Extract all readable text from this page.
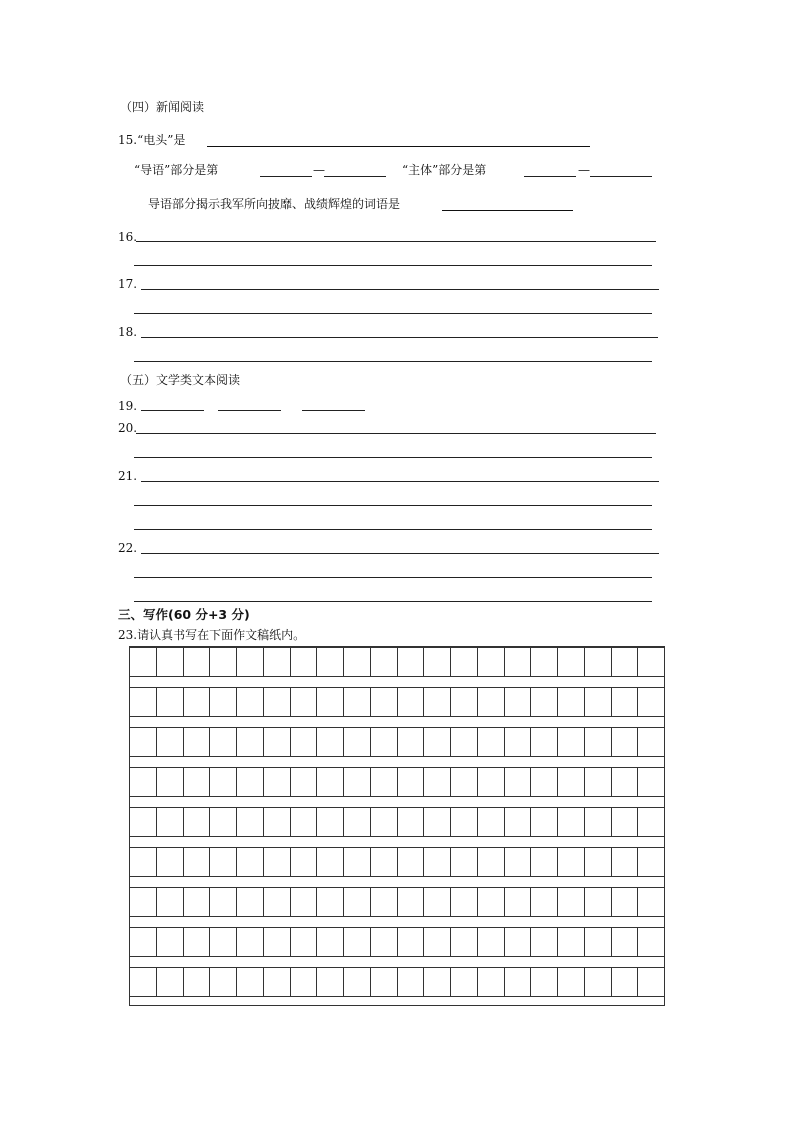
（四）新闻阅读
15.“电头”是
“导语”部分是第	—	“主体”部分是第	—
导语部分揭示我军所向披靡、战绩辉煌的词语是
16.
17.
18.
（五）文学类文本阅读
19.
20.
21.
22.
三、写作(60 分+3 分)
23.请认真书写在下面作文稿纸内。
